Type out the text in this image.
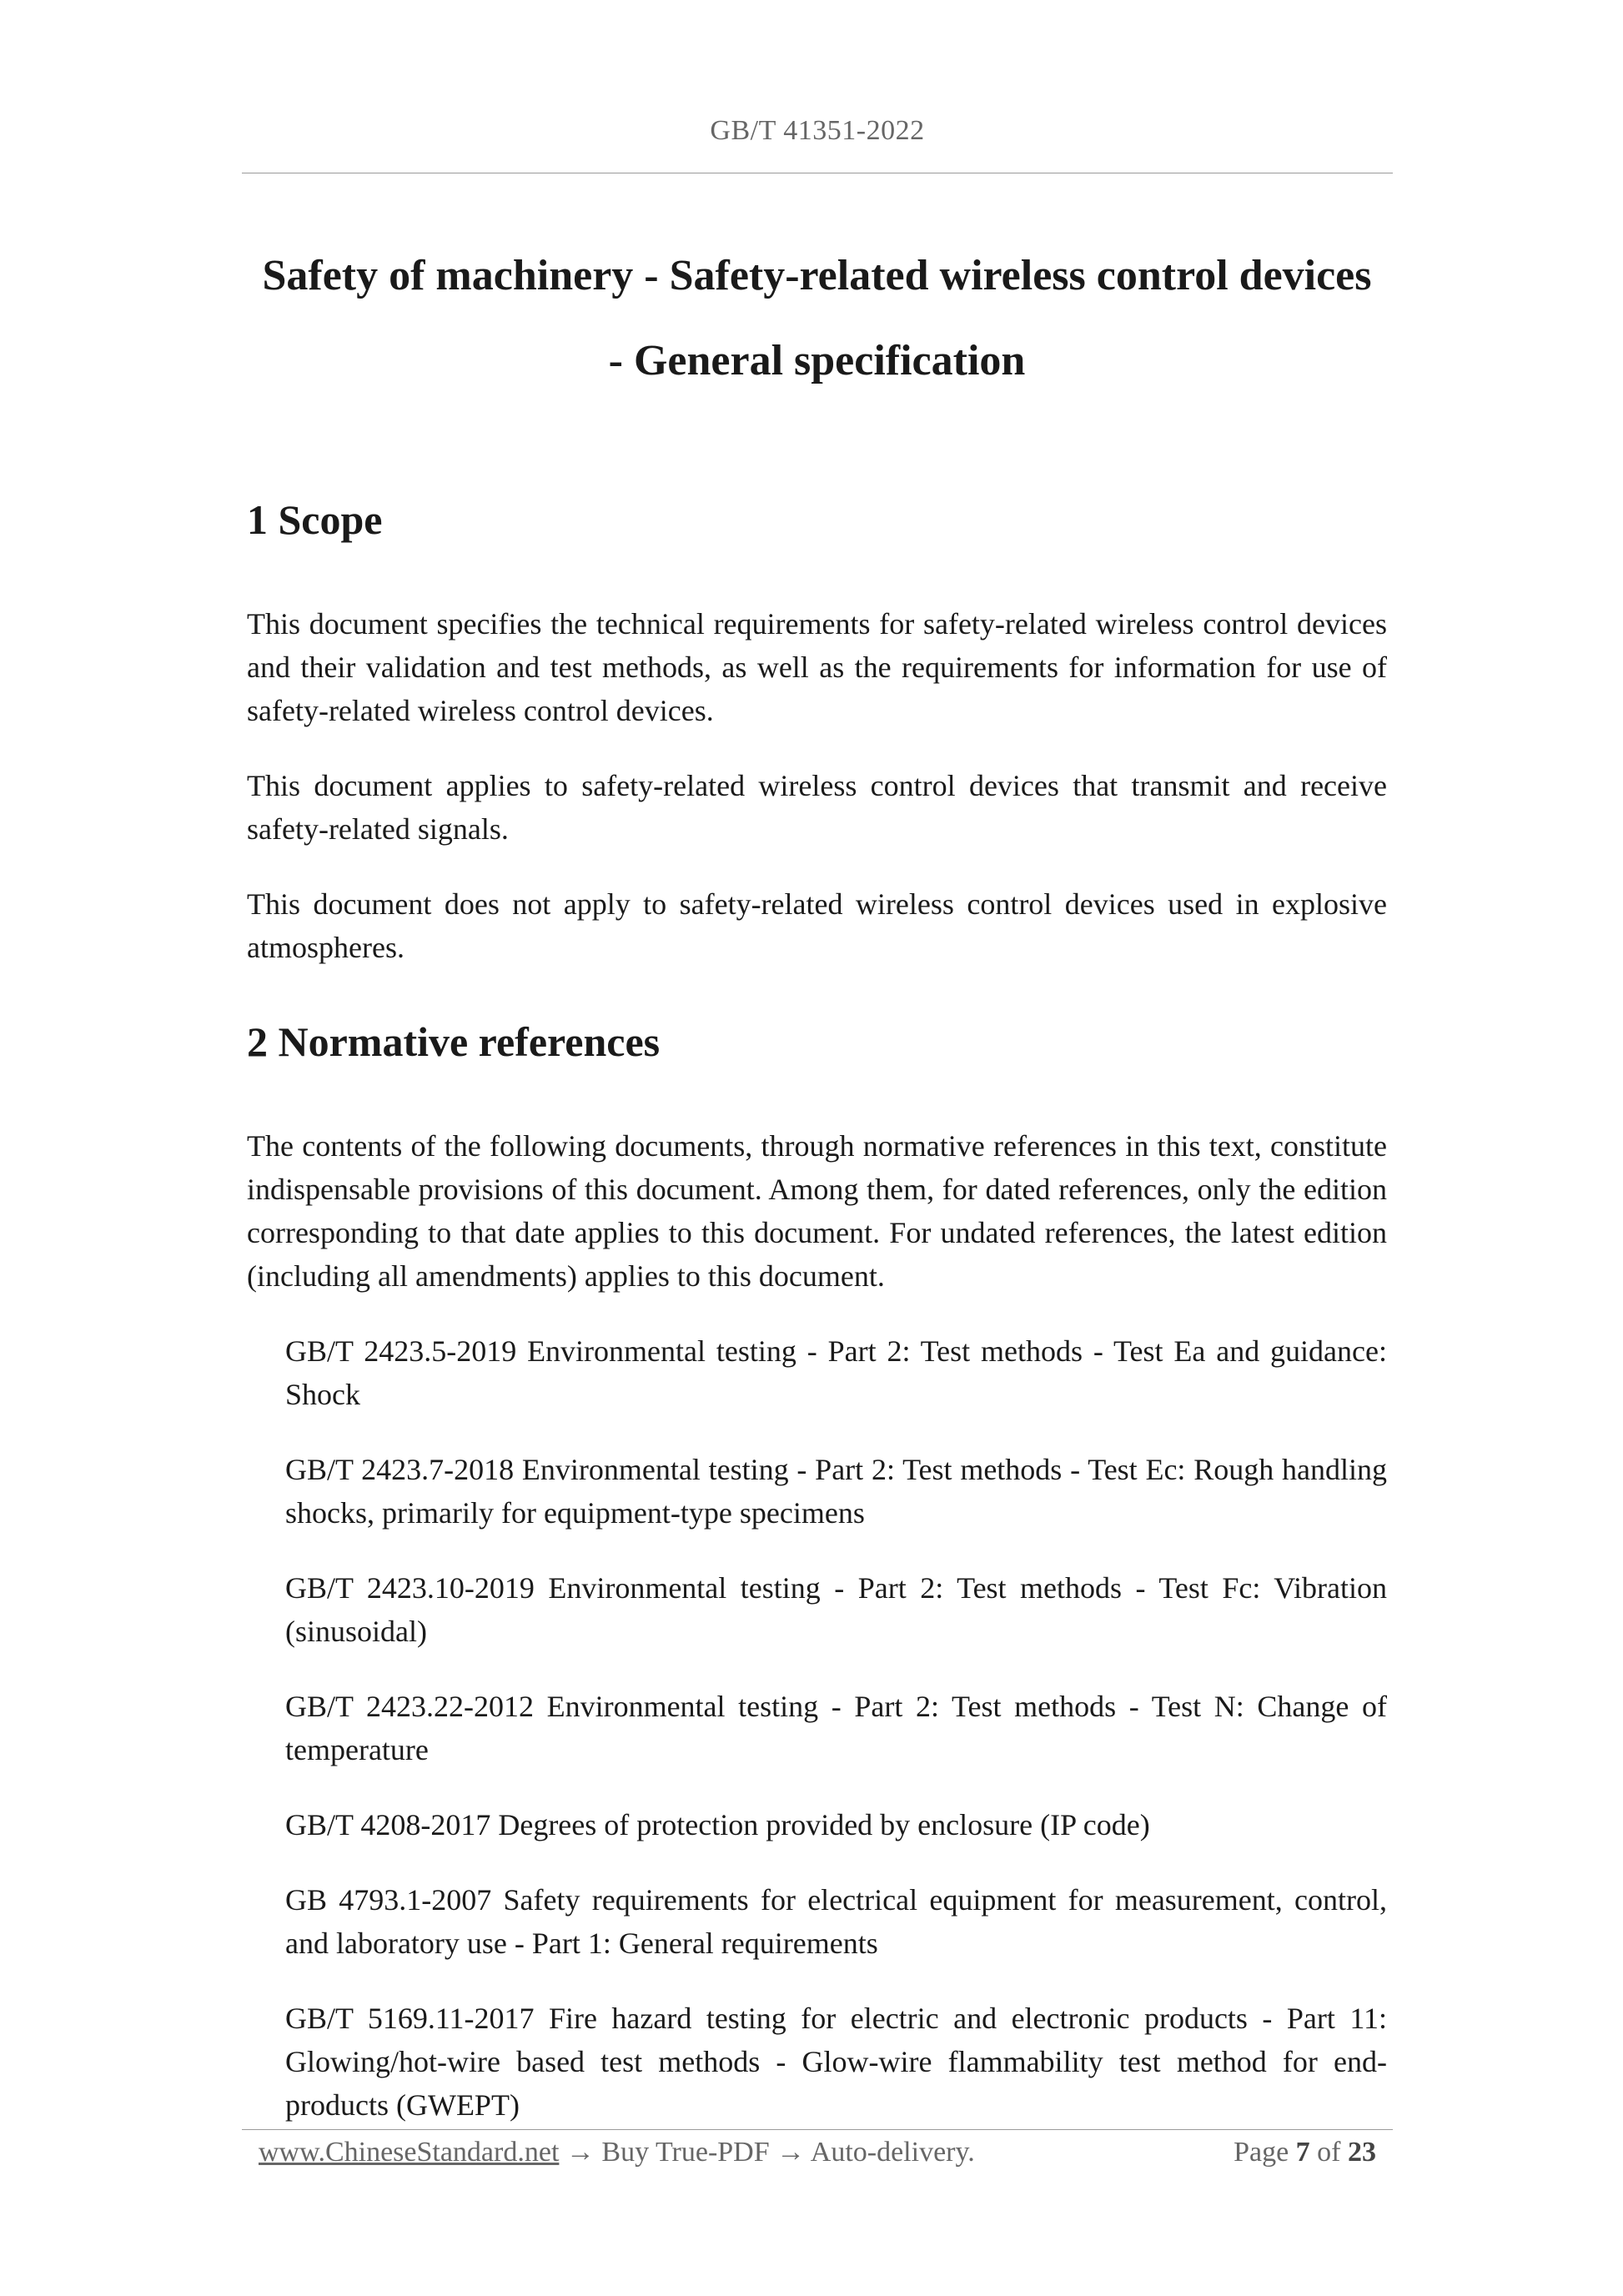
GB/T 41351-2022
Safety of machinery - Safety-related wireless control devices
- General specification
1 Scope

This document specifies the technical requirements for safety-related wireless control devices and their validation and test methods, as well as the requirements for information for use of safety-related wireless control devices.

This document applies to safety-related wireless control devices that transmit and receive safety-related signals.

This document does not apply to safety-related wireless control devices used in explosive atmospheres.

2 Normative references

The contents of the following documents, through normative references in this text, constitute indispensable provisions of this document. Among them, for dated references, only the edition corresponding to that date applies to this document. For undated references, the latest edition (including all amendments) applies to this document.

GB/T 2423.5-2019 Environmental testing - Part 2: Test methods - Test Ea and guidance: Shock
GB/T 2423.7-2018 Environmental testing - Part 2: Test methods - Test Ec: Rough handling shocks, primarily for equipment-type specimens
GB/T 2423.10-2019 Environmental testing - Part 2: Test methods - Test Fc: Vibration (sinusoidal)
GB/T 2423.22-2012 Environmental testing - Part 2: Test methods - Test N: Change of temperature
GB/T 4208-2017 Degrees of protection provided by enclosure (IP code)
GB 4793.1-2007 Safety requirements for electrical equipment for measurement, control, and laboratory use - Part 1: General requirements
GB/T 5169.11-2017 Fire hazard testing for electric and electronic products - Part 11: Glowing/hot-wire based test methods - Glow-wire flammability test method for end-products (GWEPT)
www.ChineseStandard.net → Buy True-PDF → Auto-delivery.	Page 7 of 23
